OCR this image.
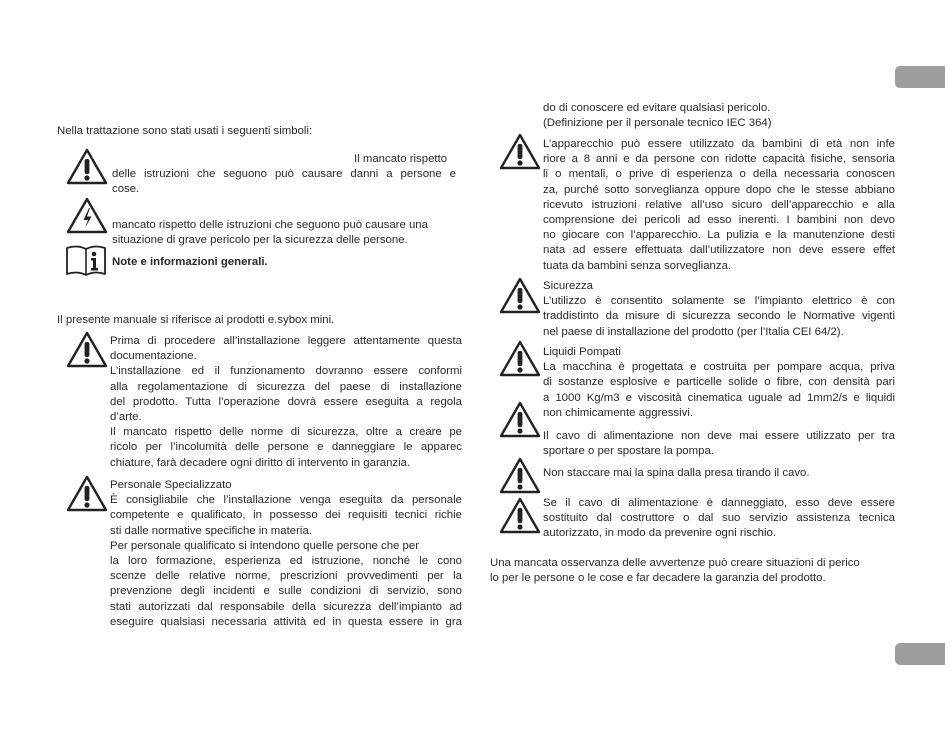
Nella trattazione sono stati usati i seguenti simboli:
Il mancato rispetto
delle istruzioni che seguono può causare danni a persone e
cose.
mancato rispetto delle istruzioni che seguono può causare una
situazione di grave pericolo per la sicurezza delle persone.
Note e informazioni generali.
Il presente manuale si riferisce ai prodotti e.sybox mini.
Prima di procedere all’installazione leggere attentamente questa
documentazione.
L’installazione ed il funzionamento dovranno essere conformi
alla regolamentazione di sicurezza del paese di installazione
del prodotto. Tutta l’operazione dovrà essere eseguita a regola
d’arte.
Il mancato rispetto delle norme di sicurezza, oltre a creare pe
ricolo per l’incolumità delle persone e danneggiare le apparec
chiature, farà decadere ogni diritto di intervento in garanzia.
Personale Specializzato
È consigliabile che l’installazione venga eseguita da personale
competente e qualificato, in possesso dei requisiti tecnici richie
sti dalle normative specifiche in materia.
Per personale qualificato si intendono quelle persone che per
la loro formazione, esperienza ed istruzione, nonché le cono
scenze delle relative norme, prescrizioni provvedimenti per la
prevenzione degli incidenti e sulle condizioni di servizio, sono
stati autorizzati dal responsabile della sicurezza dell’impianto ad
eseguire qualsiasi necessaria attività ed in questa essere in gra
do di conoscere ed evitare qualsiasi pericolo.
(Definizione per il personale tecnico IEC 364)
L’apparecchio può essere utilizzato da bambini di età non infe
riore a 8 anni e da persone con ridotte capacità fisiche, sensoria
li o mentali, o prive di esperienza o della necessaria conoscen
za, purché sotto sorveglianza oppure dopo che le stesse abbiano
ricevuto istruzioni relative all’uso sicuro dell’apparecchio e alla
comprensione dei pericoli ad esso inerenti. I bambini non devo
no giocare con l’apparecchio. La pulizia e la manutenzione desti
nata ad essere effettuata dall’utilizzatore non deve essere effet
tuata da bambini senza sorveglianza.
Sicurezza
L’utilizzo è consentito solamente se l’impianto elettrico è con
traddistinto da misure di sicurezza secondo le Normative vigenti
nel paese di installazione del prodotto (per l’Italia CEI 64/2).
Liquidi Pompati
La macchina è progettata e costruita per pompare acqua, priva
di sostanze esplosive e particelle solide o fibre, con densità pari
a 1000 Kg/m3 e viscosità cinematica uguale ad 1mm2/s e liquidi
non chimicamente aggressivi.
Il cavo di alimentazione non deve mai essere utilizzato per tra
sportare o per spostare la pompa.
Non staccare mai la spina dalla presa tirando il cavo.
Se il cavo di alimentazione è danneggiato, esso deve essere
sostituito dal costruttore o dal suo servizio assistenza tecnica
autorizzato, in modo da prevenire ogni rischio.
Una mancata osservanza delle avvertenze può creare situazioni di perico
lo per le persone o le cose e far decadere la garanzia del prodotto.
